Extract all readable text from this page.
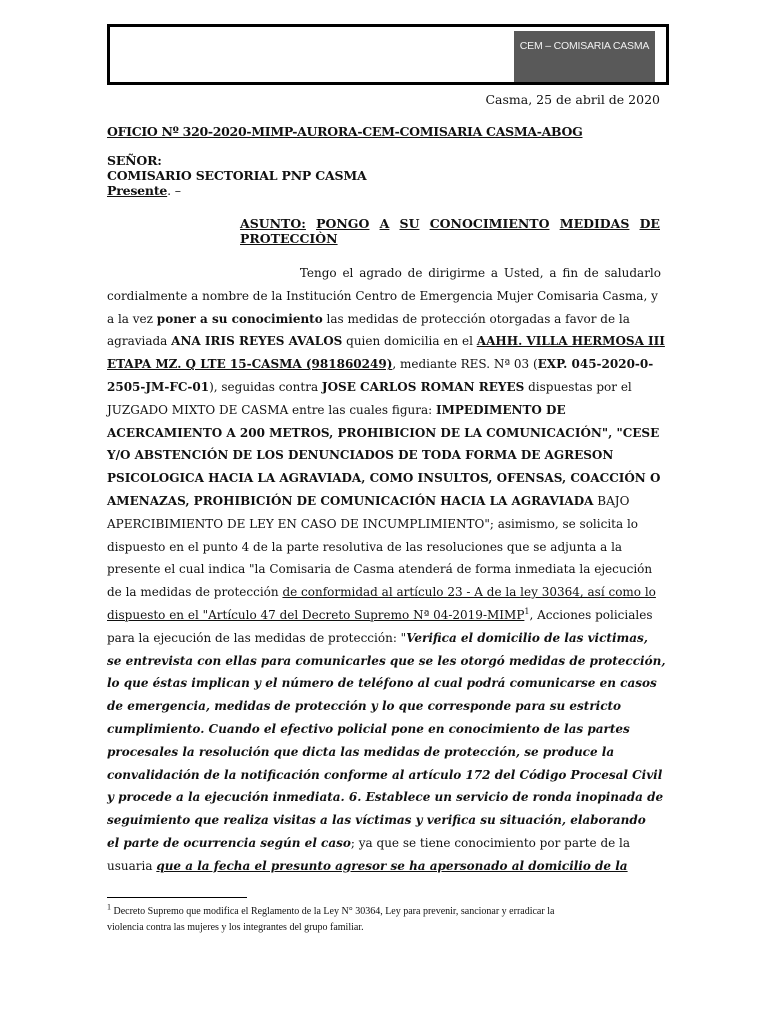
CEM – COMISARIA CASMA
Casma, 25 de abril de 2020
OFICIO Nº 320-2020-MIMP-AURORA-CEM-COMISARIA CASMA-ABOG
SEÑOR:
COMISARIO SECTORIAL PNP CASMA
Presente. –
ASUNTO: PONGO A SU CONOCIMIENTO MEDIDAS DE
PROTECCIÒN
Tengo el agrado de dirigirme a Usted, a fin de saludarlo
cordialmente a nombre de la Institución Centro de Emergencia Mujer Comisaria Casma, y
a la vez poner a su conocimiento las medidas de protección otorgadas a favor de la
agraviada ANA IRIS REYES AVALOS quien domicilia en el AAHH. VILLA HERMOSA III
ETAPA MZ. Q LTE 15-CASMA (981860249), mediante RES. Nª 03 (EXP. 045-2020-0-
2505-JM-FC-01), seguidas contra JOSE CARLOS ROMAN REYES dispuestas por el
JUZGADO MIXTO DE CASMA entre las cuales figura: IMPEDIMENTO DE
ACERCAMIENTO A 200 METROS, PROHIBICION DE LA COMUNICACIÓN", "CESE
Y/O ABSTENCIÓN DE LOS DENUNCIADOS DE TODA FORMA DE AGRESON
PSICOLOGICA HACIA LA AGRAVIADA, COMO INSULTOS, OFENSAS, COACCIÓN O
AMENAZAS, PROHIBICIÓN DE COMUNICACIÓN HACIA LA AGRAVIADA BAJO
APERCIBIMIENTO DE LEY EN CASO DE INCUMPLIMIENTO"; asimismo, se solicita lo
dispuesto en el punto 4 de la parte resolutiva de las resoluciones que se adjunta a la
presente el cual indica "la Comisaria de Casma atenderá de forma inmediata la ejecución
de la medidas de protección de conformidad al artículo 23 - A de la ley 30364, así como lo
dispuesto en el "Artículo 47 del Decreto Supremo Nª 04-2019-MIMP$^1$, Acciones policiales
para la ejecución de las medidas de protección: "Verifica el domicilio de las victimas,
se entrevista con ellas para comunicarles que se les otorgó medidas de protección,
lo que éstas implican y el número de teléfono al cual podrá comunicarse en casos
de emergencia, medidas de protección y lo que corresponde para su estricto
cumplimiento. Cuando el efectivo policial pone en conocimiento de las partes
procesales la resolución que dicta las medidas de protección, se produce la
convalidación de la notificación conforme al artículo 172 del Código Procesal Civil
y procede a la ejecución inmediata. 6. Establece un servicio de ronda inopinada de
seguimiento que realiza visitas a las víctimas y verifica su situación, elaborando
el parte de ocurrencia según el caso; ya que se tiene conocimiento por parte de la
usuaria que a la fecha el presunto agresor se ha apersonado al domicilio de la
$^1$ Decreto Supremo que modifica el Reglamento de la Ley N° 30364, Ley para prevenir, sancionar y erradicar la
violencia contra las mujeres y los integrantes del grupo familiar.
